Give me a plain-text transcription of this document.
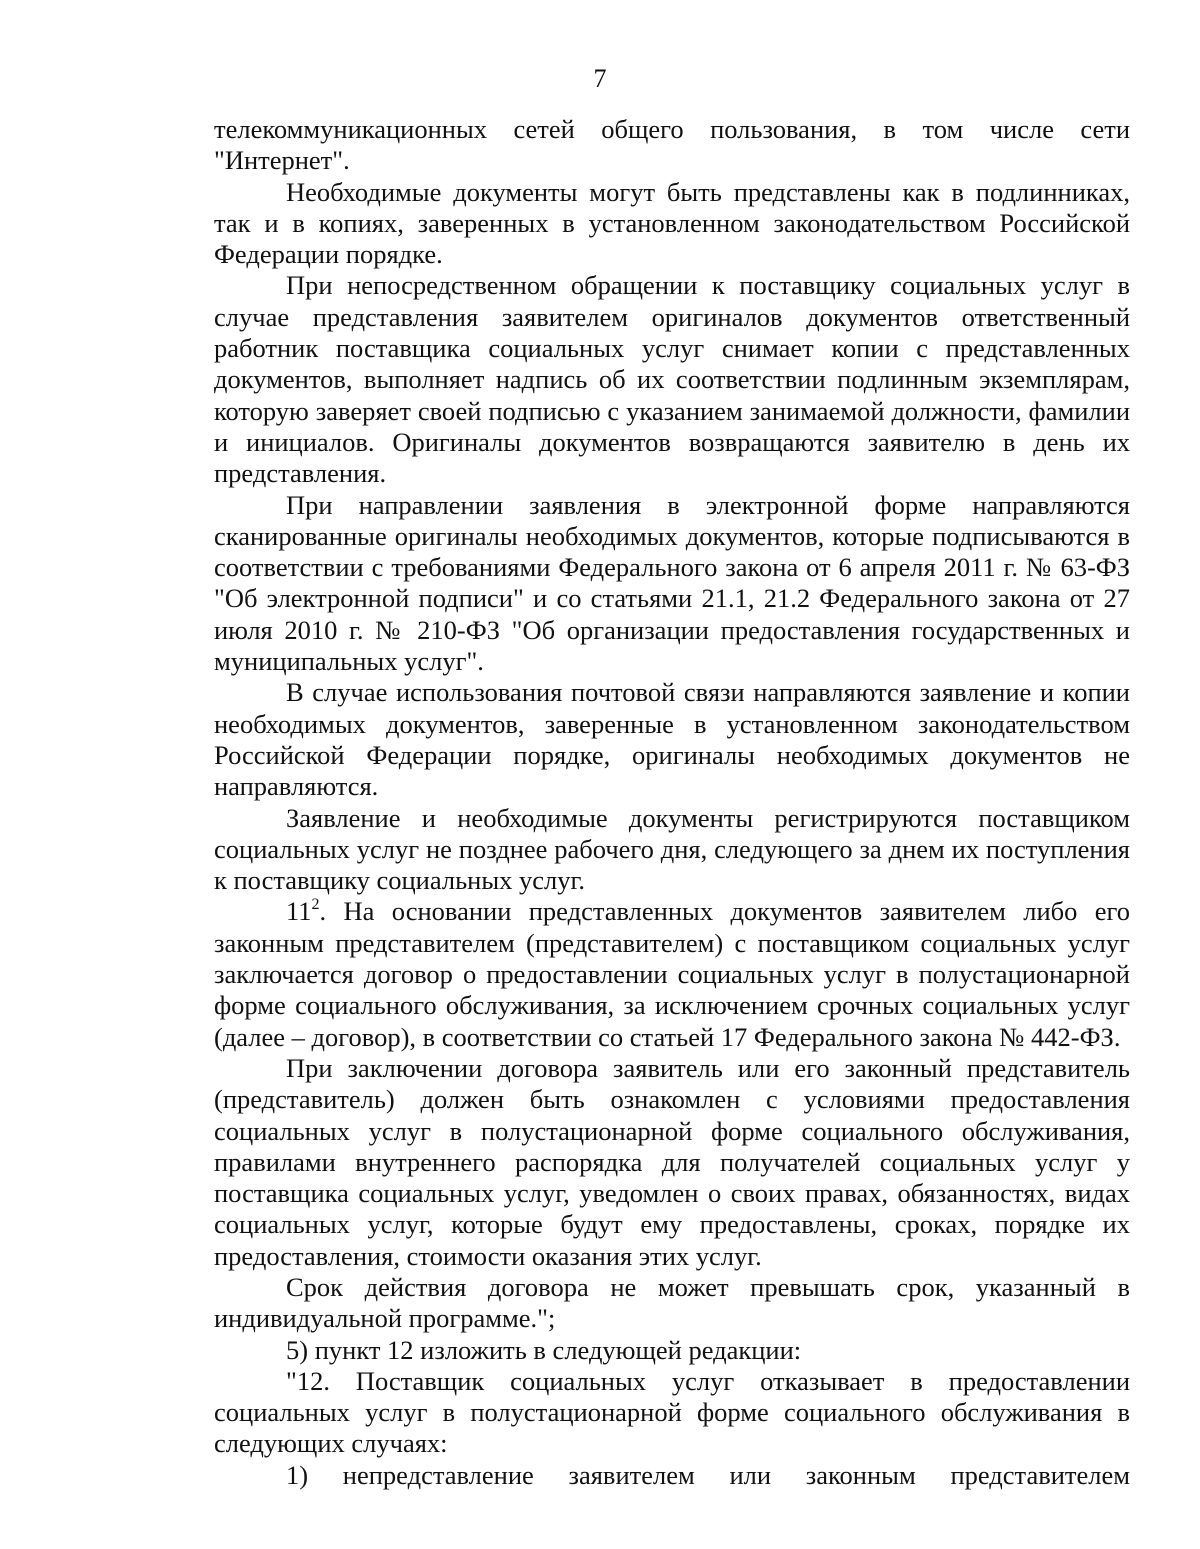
7

телекоммуникационных сетей общего пользования, в том числе сети "Интернет".

Необходимые документы могут быть представлены как в подлинниках, так и в копиях, заверенных в установленном законодательством Российской Федерации порядке.

При непосредственном обращении к поставщику социальных услуг в случае представления заявителем оригиналов документов ответственный работник поставщика социальных услуг снимает копии с представленных документов, выполняет надпись об их соответствии подлинным экземплярам, которую заверяет своей подписью с указанием занимаемой должности, фамилии и инициалов. Оригиналы документов возвращаются заявителю в день их представления.

При направлении заявления в электронной форме направляются сканированные оригиналы необходимых документов, которые подписываются в соответствии с требованиями Федерального закона от 6 апреля 2011 г. № 63-ФЗ "Об электронной подписи" и со статьями 21.1, 21.2 Федерального закона от 27 июля 2010 г. № 210-ФЗ "Об организации предоставления государственных и муниципальных услуг".

В случае использования почтовой связи направляются заявление и копии необходимых документов, заверенные в установленном законодательством Российской Федерации порядке, оригиналы необходимых документов не направляются.

Заявление и необходимые документы регистрируются поставщиком социальных услуг не позднее рабочего дня, следующего за днем их поступления к поставщику социальных услуг.

$11^2$. На основании представленных документов заявителем либо его законным представителем (представителем) с поставщиком социальных услуг заключается договор о предоставлении социальных услуг в полустационарной форме социального обслуживания, за исключением срочных социальных услуг (далее – договор), в соответствии со статьей 17 Федерального закона № 442-ФЗ.

При заключении договора заявитель или его законный представитель (представитель) должен быть ознакомлен с условиями предоставления социальных услуг в полустационарной форме социального обслуживания, правилами внутреннего распорядка для получателей социальных услуг у поставщика социальных услуг, уведомлен о своих правах, обязанностях, видах социальных услуг, которые будут ему предоставлены, сроках, порядке их предоставления, стоимости оказания этих услуг.

Срок действия договора не может превышать срок, указанный в индивидуальной программе.";

5) пункт 12 изложить в следующей редакции:

"12. Поставщик социальных услуг отказывает в предоставлении социальных услуг в полустационарной форме социального обслуживания в следующих случаях:

1) непредставление заявителем или законным представителем
